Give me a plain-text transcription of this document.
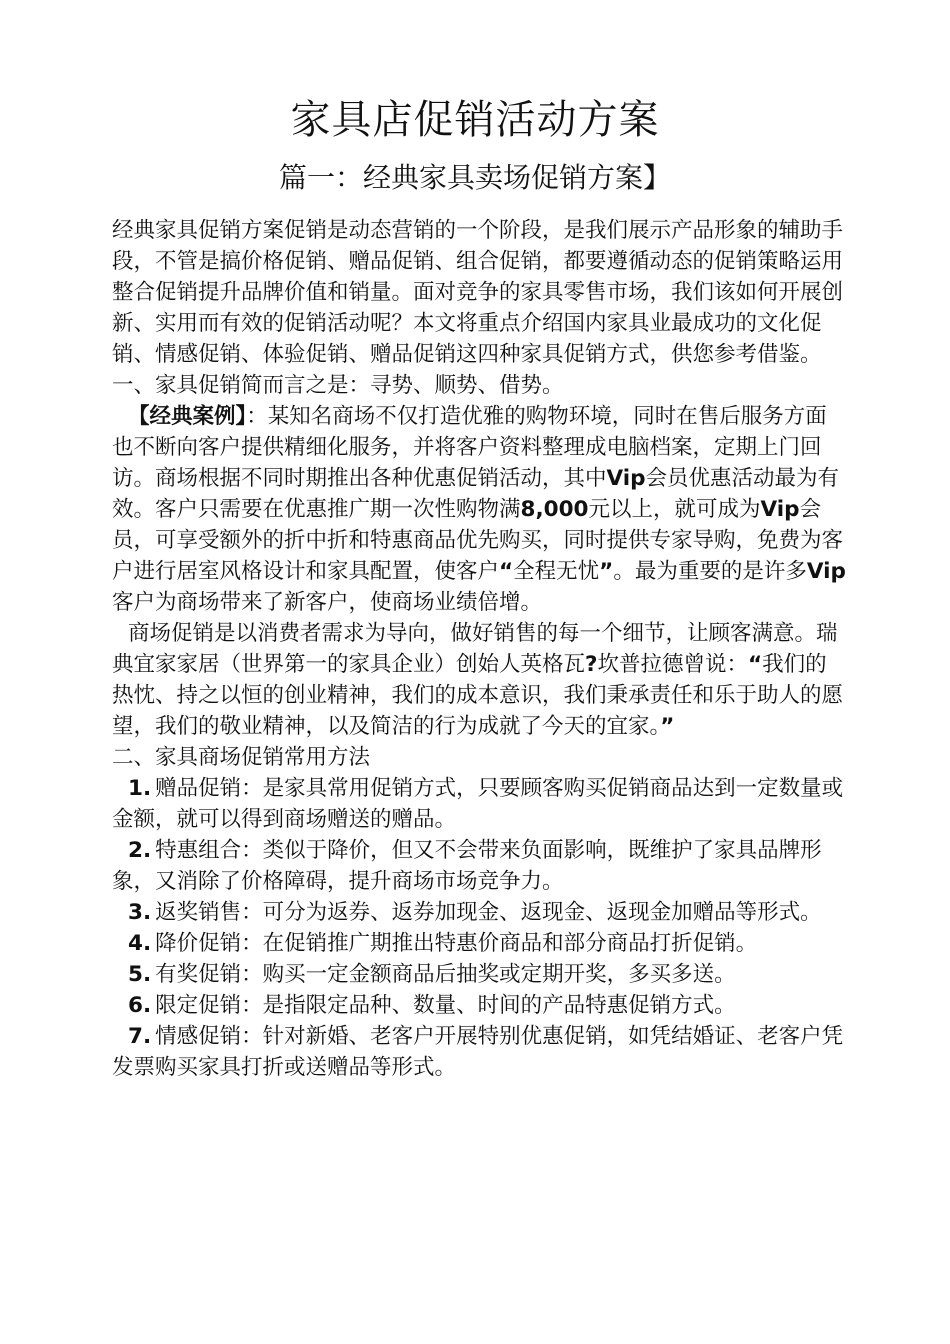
家具店促销活动方案
篇一：经典家具卖场促销方案】

经典家具促销方案促销是动态营销的一个阶段，是我们展示产品形象的辅助手段，不管是搞价格促销、赠品促销、组合促销，都要遵循动态的促销策略运用整合促销提升品牌价值和销量。面对竞争的家具零售市场，我们该如何开展创新、实用而有效的促销活动呢？本文将重点介绍国内家具业最成功的文化促销、情感促销、体验促销、赠品促销这四种家具促销方式，供您参考借鉴。

一、家具促销简而言之是：寻势、顺势、借势。

【经典案例】：某知名商场不仅打造优雅的购物环境，同时在售后服务方面也不断向客户提供精细化服务，并将客户资料整理成电脑档案，定期上门回访。商场根据不同时期推出各种优惠促销活动，其中Vip会员优惠活动最为有效。客户只需要在优惠推广期一次性购物满8,000元以上，就可成为Vip会员，可享受额外的折中折和特惠商品优先购买，同时提供专家导购，免费为客户进行居室风格设计和家具配置，使客户“全程无忧”。最为重要的是许多Vip客户为商场带来了新客户，使商场业绩倍增。

商场促销是以消费者需求为导向，做好销售的每一个细节，让顾客满意。瑞典宜家家居（世界第一的家具企业）创始人英格瓦?坎普拉德曾说：“我们的热忱、持之以恒的创业精神，我们的成本意识，我们秉承责任和乐于助人的愿望，我们的敬业精神，以及简洁的行为成就了今天的宜家。”

二、家具商场促销常用方法

1. 赠品促销：是家具常用促销方式，只要顾客购买促销商品达到一定数量或金额，就可以得到商场赠送的赠品。

2. 特惠组合：类似于降价，但又不会带来负面影响，既维护了家具品牌形象，又消除了价格障碍，提升商场市场竞争力。

3. 返奖销售：可分为返券、返券加现金、返现金、返现金加赠品等形式。

4. 降价促销：在促销推广期推出特惠价商品和部分商品打折促销。

5. 有奖促销：购买一定金额商品后抽奖或定期开奖，多买多送。

6. 限定促销：是指限定品种、数量、时间的产品特惠促销方式。

7. 情感促销：针对新婚、老客户开展特别优惠促销，如凭结婚证、老客户凭发票购买家具打折或送赠品等形式。
